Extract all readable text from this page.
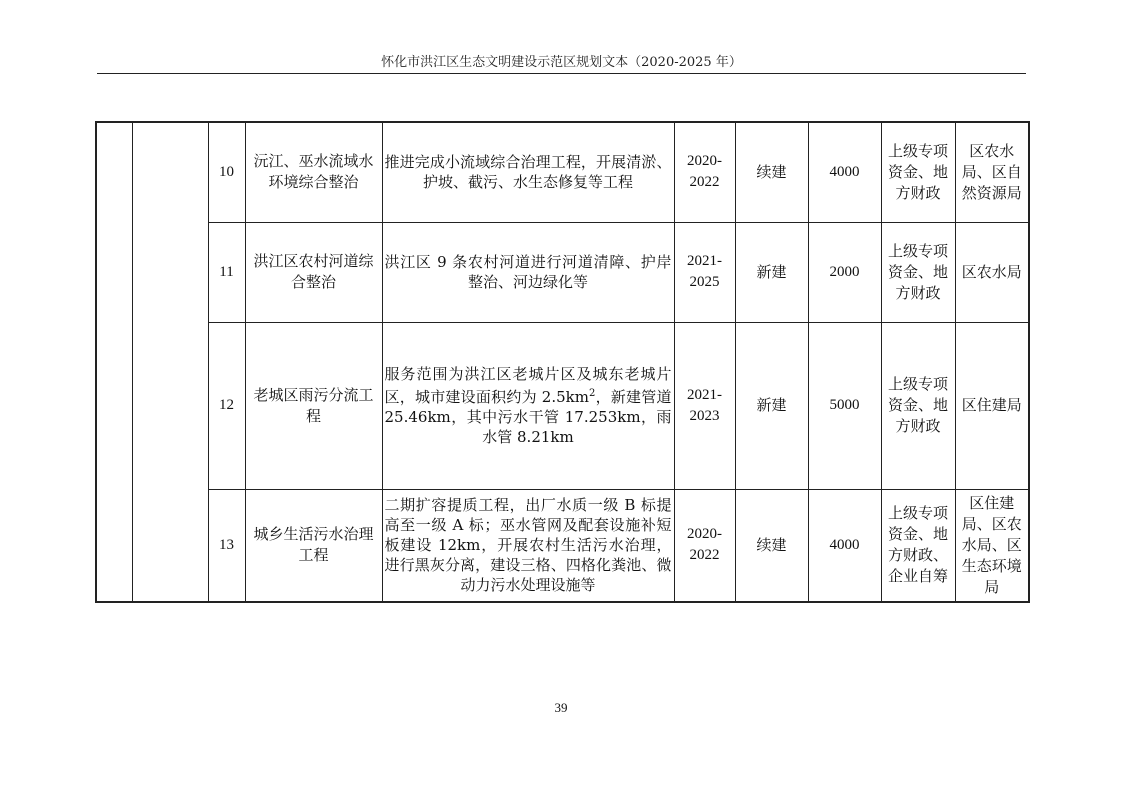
怀化市洪江区生态文明建设示范区规划文本（2020-2025 年）
		10	沅江、巫水流域水环境综合整治	推进完成小流域综合治理工程，开展清淤、护坡、截污、水生态修复等工程	2020-2022	续建	4000	上级专项资金、地方财政	区农水局、区自然资源局
		11	洪江区农村河道综合整治	洪江区 9 条农村河道进行河道清障、护岸整治、河边绿化等	2021-2025	新建	2000	上级专项资金、地方财政	区农水局
		12	老城区雨污分流工程	服务范围为洪江区老城片区及城东老城片区，城市建设面积约为 $2.5km^2$，新建管道 25.46km，其中污水干管 17.253km，雨水管 8.21km	2021-2023	新建	5000	上级专项资金、地方财政	区住建局
		13	城乡生活污水治理工程	二期扩容提质工程，出厂水质一级 B 标提高至一级 A 标；巫水管网及配套设施补短板建设 12km，开展农村生活污水治理，进行黑灰分离，建设三格、四格化粪池、微动力污水处理设施等	2020-2022	续建	4000	上级专项资金、地方财政、企业自筹	区住建局、区农水局、区生态环境局
39
